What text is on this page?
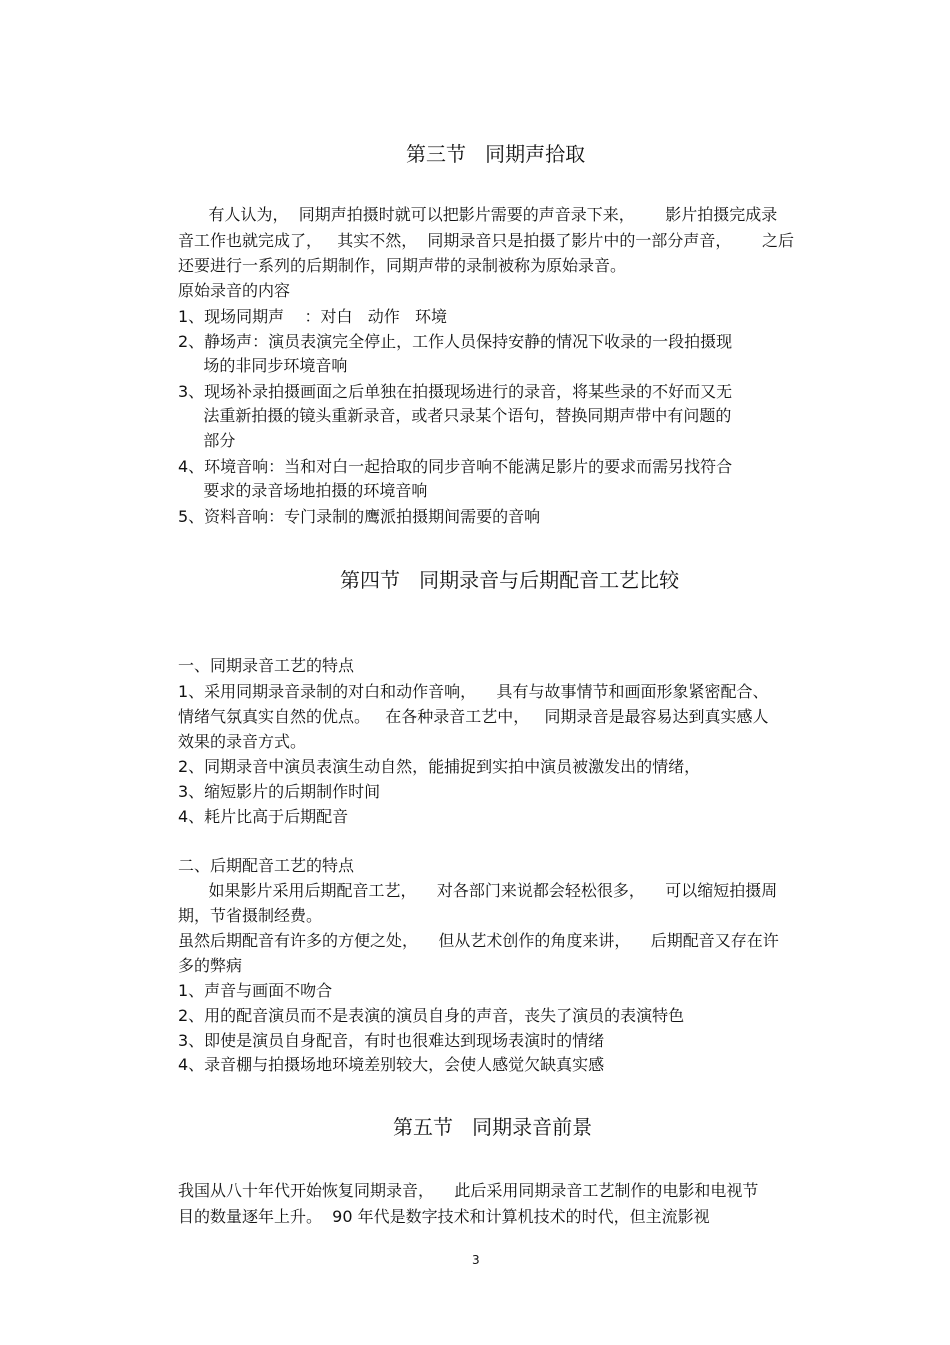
第三节   同期声拾取
有人认为，  同期声拍摄时就可以把影片需要的声音录下来，      影片拍摄完成录
音工作也就完成了，   其实不然，  同期录音只是拍摄了影片中的一部分声音，      之后
还要进行一系列的后期制作，同期声带的录制被称为原始录音。
原始录音的内容
1、现场同期声    ：对白   动作   环境
2、静场声：演员表演完全停止，工作人员保持安静的情况下收录的一段拍摄现
场的非同步环境音响
3、现场补录拍摄画面之后单独在拍摄现场进行的录音，将某些录的不好而又无
法重新拍摄的镜头重新录音，或者只录某个语句，替换同期声带中有问题的
部分
4、环境音响：当和对白一起拾取的同步音响不能满足影片的要求而需另找符合
要求的录音场地拍摄的环境音响
5、资料音响：专门录制的鹰派拍摄期间需要的音响
第四节   同期录音与后期配音工艺比较
一、同期录音工艺的特点
1、采用同期录音录制的对白和动作音响，    具有与故事情节和画面形象紧密配合、
情绪气氛真实自然的优点。   在各种录音工艺中，   同期录音是最容易达到真实感人
效果的录音方式。
2、同期录音中演员表演生动自然，能捕捉到实拍中演员被激发出的情绪，
3、缩短影片的后期制作时间
4、耗片比高于后期配音
二、后期配音工艺的特点
如果影片采用后期配音工艺，    对各部门来说都会轻松很多，    可以缩短拍摄周
期，节省摄制经费。
虽然后期配音有许多的方便之处，    但从艺术创作的角度来讲，    后期配音又存在许
多的弊病
1、声音与画面不吻合
2、用的配音演员而不是表演的演员自身的声音，丧失了演员的表演特色
3、即使是演员自身配音，有时也很难达到现场表演时的情绪
4、录音棚与拍摄场地环境差别较大，会使人感觉欠缺真实感
第五节   同期录音前景
我国从八十年代开始恢复同期录音，    此后采用同期录音工艺制作的电影和电视节
目的数量逐年上升。  90 年代是数字技术和计算机技术的时代，但主流影视
3
